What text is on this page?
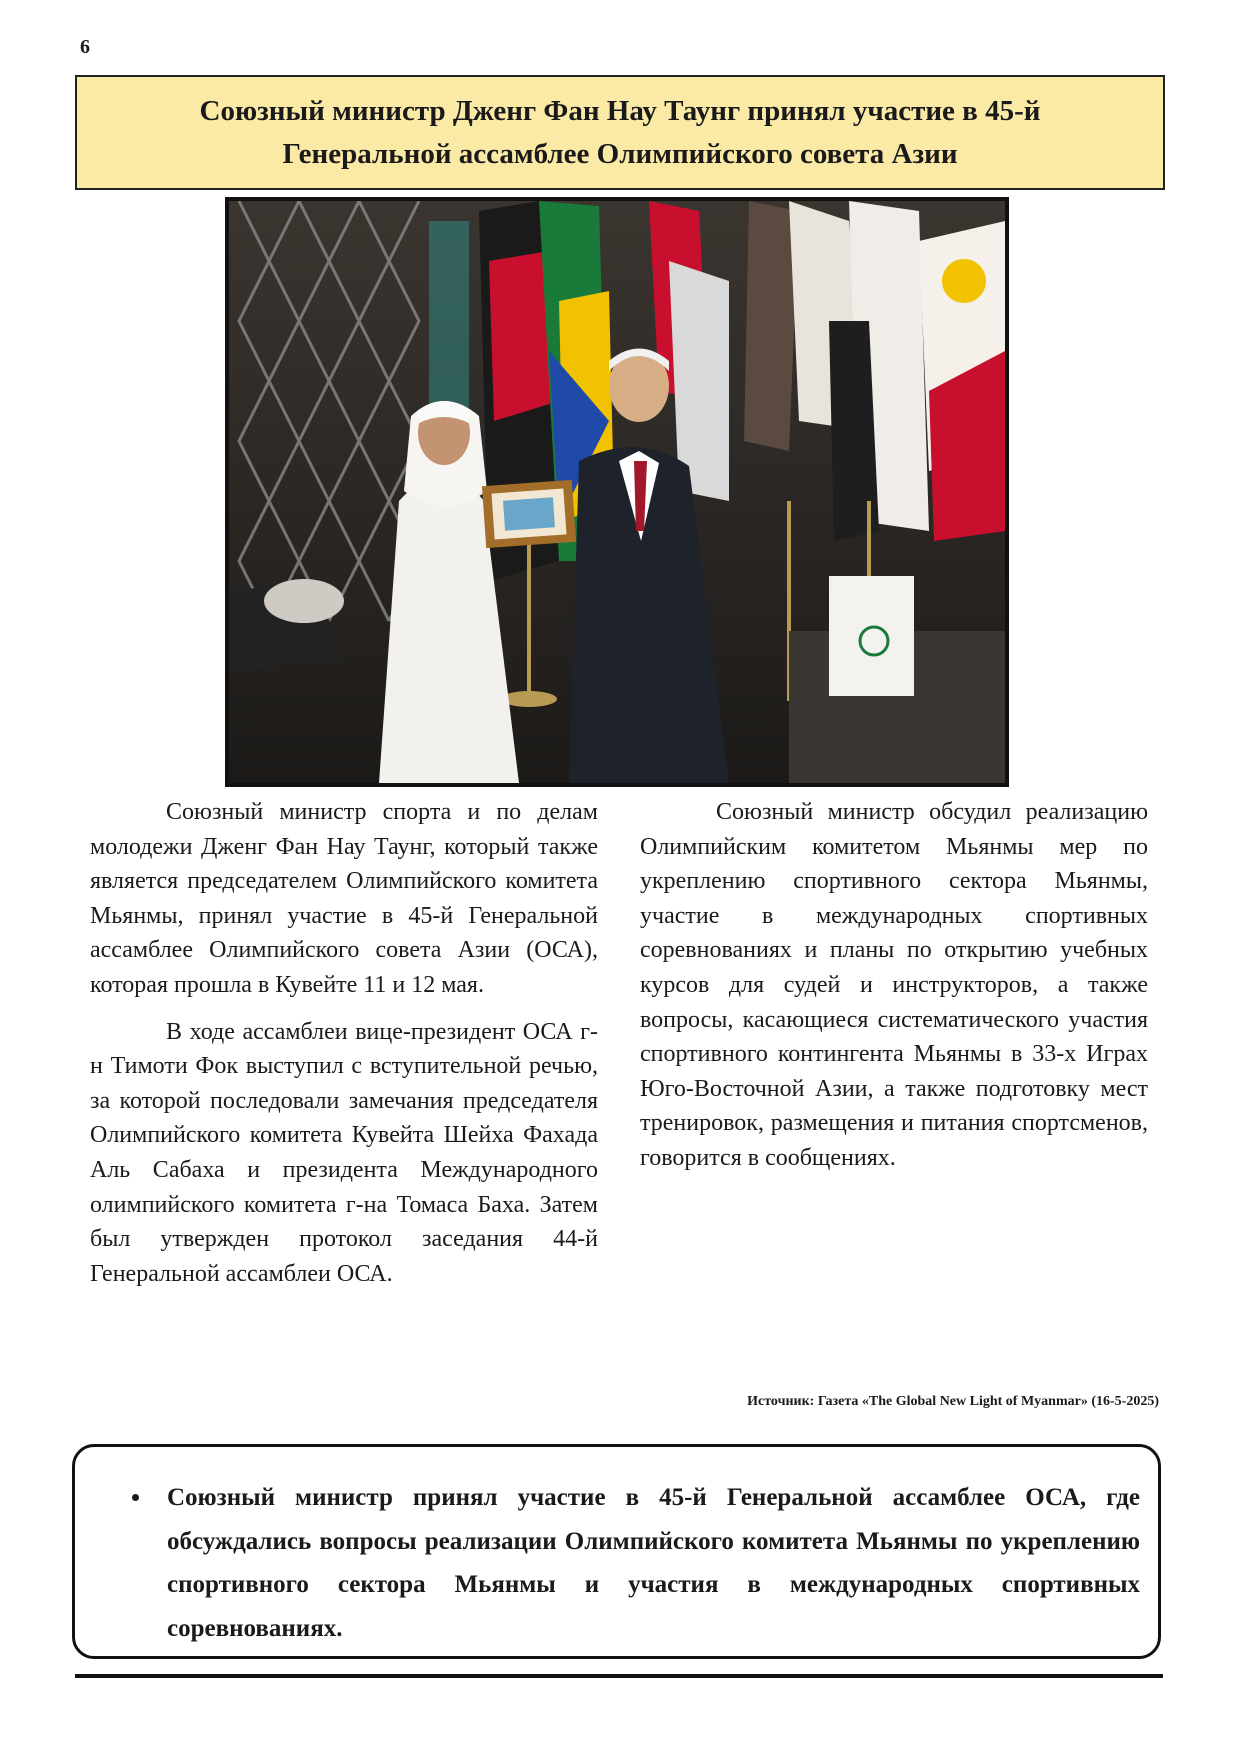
6
Союзный министр Дженг Фан Нау Таунг принял участие в 45-й Генеральной ассамблее Олимпийского совета Азии

Союзный министр спорта и по делам молодежи Дженг Фан Нау Таунг, который также является председателем Олимпийского комитета Мьянмы, принял участие в 45-й Генеральной ассамблее Олимпийского совета Азии (ОСА), которая прошла в Кувейте 11 и 12 мая.

В ходе ассамблеи вице-президент ОСА г-н Тимоти Фок выступил с вступительной речью, за которой последовали замечания председателя Олимпийского комитета Кувейта Шейха Фахада Аль Сабаха и президента Международного олимпийского комитета г-на Томаса Баха. Затем был утвержден протокол заседания 44-й Генеральной ассамблеи ОСА.

Союзный министр обсудил реализацию Олимпийским комитетом Мьянмы мер по укреплению спортивного сектора Мьянмы, участие в международных спортивных соревнованиях и планы по открытию учебных курсов для судей и инструкторов, а также вопросы, касающиеся систематического участия спортивного контингента Мьянмы в 33-х Играх Юго-Восточной Азии, а также подготовку мест тренировок, размещения и питания спортсменов, говорится в сообщениях.

Источник: Газета «The Global New Light of Myanmar» (16-5-2025)
• Союзный министр принял участие в 45-й Генеральной ассамблее ОСА, где обсуждались вопросы реализации Олимпийского комитета Мьянмы по укреплению спортивного сектора Мьянмы и участия в международных спортивных соревнованиях.
